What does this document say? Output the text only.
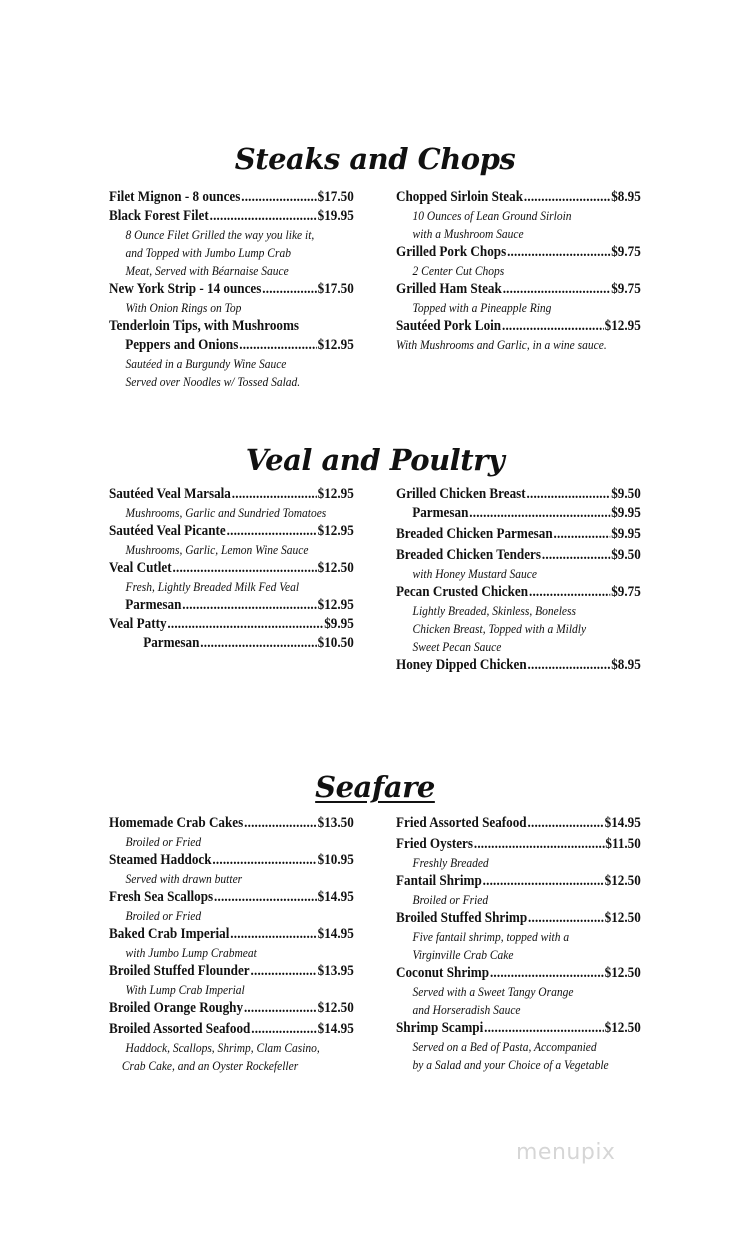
Steaks and Chops
Filet Mignon - 8 ounces .....	$17.50
Black Forest Filet .....	$19.95
8 Ounce Filet Grilled the way you like it,
and Topped with Jumbo Lump Crab
Meat, Served with Béarnaise Sauce
New York Strip - 14 ounces .....	$17.50
With Onion Rings on Top
Tenderloin Tips, with Mushrooms
Peppers and Onions .....	$12.95
Sautéed in a Burgundy Wine Sauce
Served over Noodles w/ Tossed Salad.
Chopped Sirloin Steak .....	$8.95
10 Ounces of Lean Ground Sirloin
with a Mushroom Sauce
Grilled Pork Chops .....	$9.75
2 Center Cut Chops
Grilled Ham Steak .....	$9.75
Topped with a Pineapple Ring
Sautéed Pork Loin .....	$12.95
With Mushrooms and Garlic, in a wine sauce.
Veal and Poultry
Sautéed Veal Marsala .....	$12.95
Mushrooms, Garlic and Sundried Tomatoes
Sautéed Veal Picante .....	$12.95
Mushrooms, Garlic, Lemon Wine Sauce
Veal Cutlet .....	$12.50
Fresh, Lightly Breaded Milk Fed Veal
Parmesan .....	$12.95
Veal Patty .....	$9.95
Parmesan .....	$10.50
Grilled Chicken Breast .....	$9.50
Parmesan .....	$9.95
Breaded Chicken Parmesan .....	$9.95
Breaded Chicken Tenders .....	$9.50
with Honey Mustard Sauce
Pecan Crusted Chicken .....	$9.75
Lightly Breaded, Skinless, Boneless
Chicken Breast, Topped with a Mildly
Sweet Pecan Sauce
Honey Dipped Chicken .....	$8.95
Seafare
Homemade Crab Cakes .....	$13.50
Broiled or Fried
Steamed Haddock .....	$10.95
Served with drawn butter
Fresh Sea Scallops .....	$14.95
Broiled or Fried
Baked Crab Imperial .....	$14.95
with Jumbo Lump Crabmeat
Broiled Stuffed Flounder .....	$13.95
With Lump Crab Imperial
Broiled Orange Roughy .....	$12.50
Broiled Assorted Seafood .....	$14.95
Haddock, Scallops, Shrimp, Clam Casino,
Crab Cake, and an Oyster Rockefeller
Fried Assorted Seafood .....	$14.95
Fried Oysters .....	$11.50
Freshly Breaded
Fantail Shrimp .....	$12.50
Broiled or Fried
Broiled Stuffed Shrimp .....	$12.50
Five fantail shrimp, topped with a
Virginville Crab Cake
Coconut Shrimp .....	$12.50
Served with a Sweet Tangy Orange
and Horseradish Sauce
Shrimp Scampi .....	$12.50
Served on a Bed of Pasta, Accompanied
by a Salad and your Choice of a Vegetable
menupix
